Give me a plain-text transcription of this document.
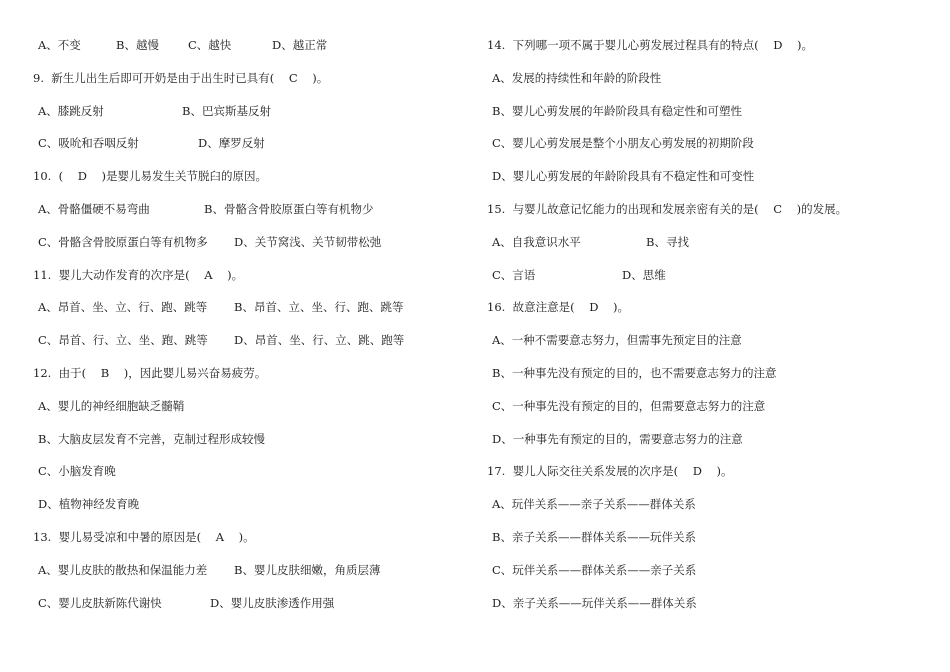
A、不变	B、越慢	C、越快	D、越正常
9.  新生儿出生后即可开奶是由于出生时已具有(    C    )。
A、膝跳反射	B、巴宾斯基反射
C、吸吮和吞咽反射	D、摩罗反射
10.  (    D    )是婴儿易发生关节脱臼的原因。
A、骨骼僵硬不易弯曲	B、骨骼含骨胶原蛋白等有机物少
C、骨骼含骨胶原蛋白等有机物多	D、关节窝浅、关节韧带松弛
11.  婴儿大动作发育的次序是(    A    )。
A、昂首、坐、立、行、跑、跳等	B、昂首、立、坐、行、跑、跳等
C、昂首、行、立、坐、跑、跳等	D、昂首、坐、行、立、跳、跑等
12.  由于(    B    )，因此婴儿易兴奋易疲劳。
A、婴儿的神经细胞缺乏髓鞘
B、大脑皮层发育不完善，克制过程形成较慢
C、小脑发育晚
D、植物神经发育晚
13.  婴儿易受凉和中暑的原因是(    A    )。
A、婴儿皮肤的散热和保温能力差	B、婴儿皮肤细嫩，角质层薄
C、婴儿皮肤新陈代谢快	D、婴儿皮肤渗透作用强
14.  下列哪一项不属于婴儿心剪发展过程具有的特点(    D    )。
A、发展的持续性和年龄的阶段性
B、婴儿心剪发展的年龄阶段具有稳定性和可塑性
C、婴儿心剪发展是整个小朋友心剪发展的初期阶段
D、婴儿心剪发展的年龄阶段具有不稳定性和可变性
15.  与婴儿故意记忆能力的出现和发展亲密有关的是(    C    )的发展。
A、自我意识水平	B、寻找
C、言语	D、思维
16.  故意注意是(    D    )。
A、一种不需要意志努力，但需事先预定目的注意
B、一种事先没有预定的目的，也不需要意志努力的注意
C、一种事先没有预定的目的，但需要意志努力的注意
D、一种事先有预定的目的，需要意志努力的注意
17.  婴儿人际交往关系发展的次序是(    D    )。
A、玩伴关系——亲子关系——群体关系
B、亲子关系——群体关系——玩伴关系
C、玩伴关系——群体关系——亲子关系
D、亲子关系——玩伴关系——群体关系
